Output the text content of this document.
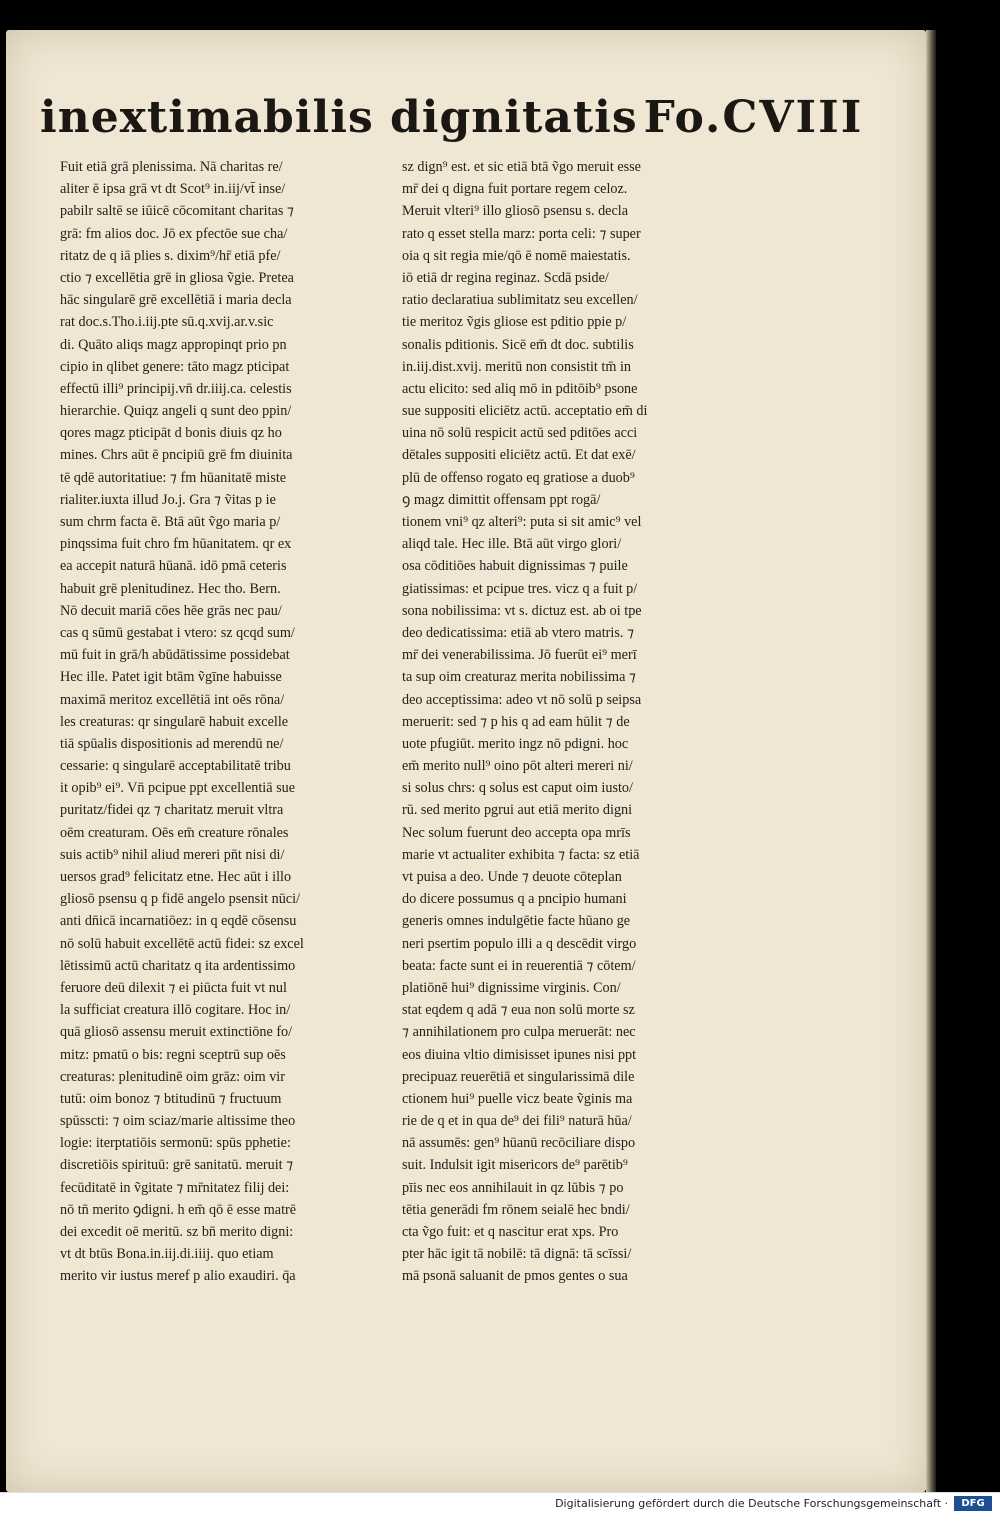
inextimabilis dignitatis Fo.CVIII
Fuit etiā grā plenissima. Nā charitas re/
aliter ē ipsa grā vt dt Scot⁹ in.iij/vt̄ inse/
pabilr saltē se iūicē cōcomitant charitas ⁊
grā: fm alios doc. Jō ex pfectōe sue cha/
ritatz de q iā plies s. dixim⁹/hr̄ etiā pfe/
ctio ⁊ excellētia grē in gliosa ṽgie. Pretea
hāc singularē grē excellētiā i maria decla
rat doc.s.Tho.i.iij.pte sū.q.xvij.ar.v.sic
di. Quāto aliqs magz appropinqt prio pn
cipio in qlibet genere: tāto magz pticipat
effectū illi⁹ principij.vn̄ dr.iiij.ca. celestis
hierarchie. Quiqz angeli q sunt deo ppin/
qores magz pticipāt d bonis diuis qz ho
mines. Chrs aūt ē pncipiū grē fm diuinita
tē qdē autoritatiue: ⁊ fm hūanitatē miste
rialiter.iuxta illud Jo.j. Gra ⁊ ṽitas p ie
sum chrm facta ē. Btā aūt ṽgo maria p/
pinqssima fuit chro fm hūanitatem. qr ex
ea accepit naturā hūanā. idō pmā ceteris
habuit grē plenitudinez. Hec tho. Bern.
Nō decuit mariā cōes hēe grās nec pau/
cas q sūmū gestabat i vtero: sz qcqd sum/
mū fuit in grā/h abūdātissime possidebat
Hec ille. Patet igit btām ṽgīne habuisse
maximā meritoz excellētiā int oēs rōna/
les creaturas: qr singularē habuit excelle
tiā spūalis dispositionis ad merendū ne/
cessarie: q singularē acceptabilitatē tribu
it opib⁹ ei⁹. Vn̄ pcipue ppt excellentiā sue
puritatz/fidei qz ⁊ charitatz meruit vltra
oēm creaturam. Oēs em̄ creature rōnales
suis actib⁹ nihil aliud mereri pn̄t nisi di/
uersos grad⁹ felicitatz etne. Hec aūt i illo
gliosō psensu q p fidē angelo psensit nūci/
anti dn̄icā incarnatiōez: in q eqdē cōsensu
nō solū habuit excellētē actū fidei: sz excel
lētissimū actū charitatz q ita ardentissimo
feruore deū dilexit ⁊ ei piūcta fuit vt nul
la sufficiat creatura illō cogitare. Hoc in/
quā gliosō assensu meruit extinctiōne fo/
mitz: pmatū o bis: regni sceptrū sup oēs
creaturas: plenitudinē oim grāz: oim vir
tutū: oim bonoz ⁊ btitudinū ⁊ fructuum
spūsscti: ⁊ oim sciaz/marie altissime theo
logie: iterptatiōis sermonū: spūs pphetie:
discretiōis spirituū: grē sanitatū. meruit ⁊
fecūditatē in ṽgitate ⁊ mr̄nitatez filij dei:
nō tn̄ merito ꝯdigni. h em̄ qō ē esse matrē
dei excedit oē meritū. sz bn̄ merito digni:
vt dt btūs Bona.in.iij.di.iiij. quo etiam
merito vir iustus meref p alio exaudiri. q̄a
sz dign⁹ est. et sic etiā btā ṽgo meruit esse
mr̄ dei q digna fuit portare regem celoz.
Meruit vlteri⁹ illo gliosō psensu s. decla
rato q esset stella marz: porta celi: ⁊ super
oia q sit regia mie/qō ē nomē maiestatis.
iō etiā dr regina reginaz. Scdā pside/
ratio declaratiua sublimitatz seu excellen/
tie meritoz ṽgis gliose est pditio ppie p/
sonalis pditionis. Sicē em̄ dt doc. subtilis
in.iij.dist.xvij. meritū non consistit tm̄ in
actu elicito: sed aliq mō in pditōib⁹ psone
sue suppositi eliciētz actū. acceptatio em̄ di
uina nō solū respicit actū sed pditōes acci
dētales suppositi eliciētz actū. Et dat exē/
plū de offenso rogato eq gratiose a duob⁹
ꝯ magz dimittit offensam ppt rogā/
tionem vni⁹ qz alteri⁹: puta si sit amic⁹ vel
aliqd tale. Hec ille. Btā aūt virgo glori/
osa cōditiōes habuit dignissimas ⁊ puile
giatissimas: et pcipue tres. vicz q a fuit p/
sona nobilissima: vt s. dictuz est. ab oi tpe
deo dedicatissima: etiā ab vtero matris. ⁊
mr̄ dei venerabilissima. Jō fuerūt ei⁹ merī
ta sup oim creaturaz merita nobilissima ⁊
deo acceptissima: adeo vt nō solū p seipsa
meruerit: sed ⁊ p his q ad eam hūlit ⁊ de
uote pfugiūt. merito ingz nō pdigni. hoc
em̄ merito null⁹ oino pōt alteri mereri ni/
si solus chrs: q solus est caput oim iusto/
rū. sed merito pgrui aut etiā merito digni
Nec solum fuerunt deo accepta opa mrīs
marie vt actualiter exhibita ⁊ facta: sz etiā
vt puisa a deo. Unde ⁊ deuote cōteplan
do dicere possumus q a pncipio humani
generis omnes indulgētie facte hūano ge
neri psertim populo illi a q descēdit virgo
beata: facte sunt ei in reuerentiā ⁊ cōtem/
platiōnē hui⁹ dignissime virginis. Con/
stat eqdem q adā ⁊ eua non solū morte sz
⁊ annihilationem pro culpa meruerāt: nec
eos diuina vltio dimisisset ipunes nisi ppt
precipuaz reuerētiā et singularissimā dile
ctionem hui⁹ puelle vicz beate ṽginis ma
rie de q et in qua de⁹ dei fili⁹ naturā hūa/
nā assumēs: gen⁹ hūanū recōciliare dispo
suit. Indulsit igit misericors de⁹ parētib⁹
pīis nec eos annihilauit in qz lūbis ⁊ po
tētia generādi fm rōnem seialē hec bndi/
cta ṽgo fuit: et q nascitur erat xps. Pro
pter hāc igit tā nobilē: tā dignā: tā scīssi/
mā psonā saluanit de pmos gentes o sua
Digitalisierung gefördert durch die Deutsche Forschungsgemeinschaft ·	DFG
